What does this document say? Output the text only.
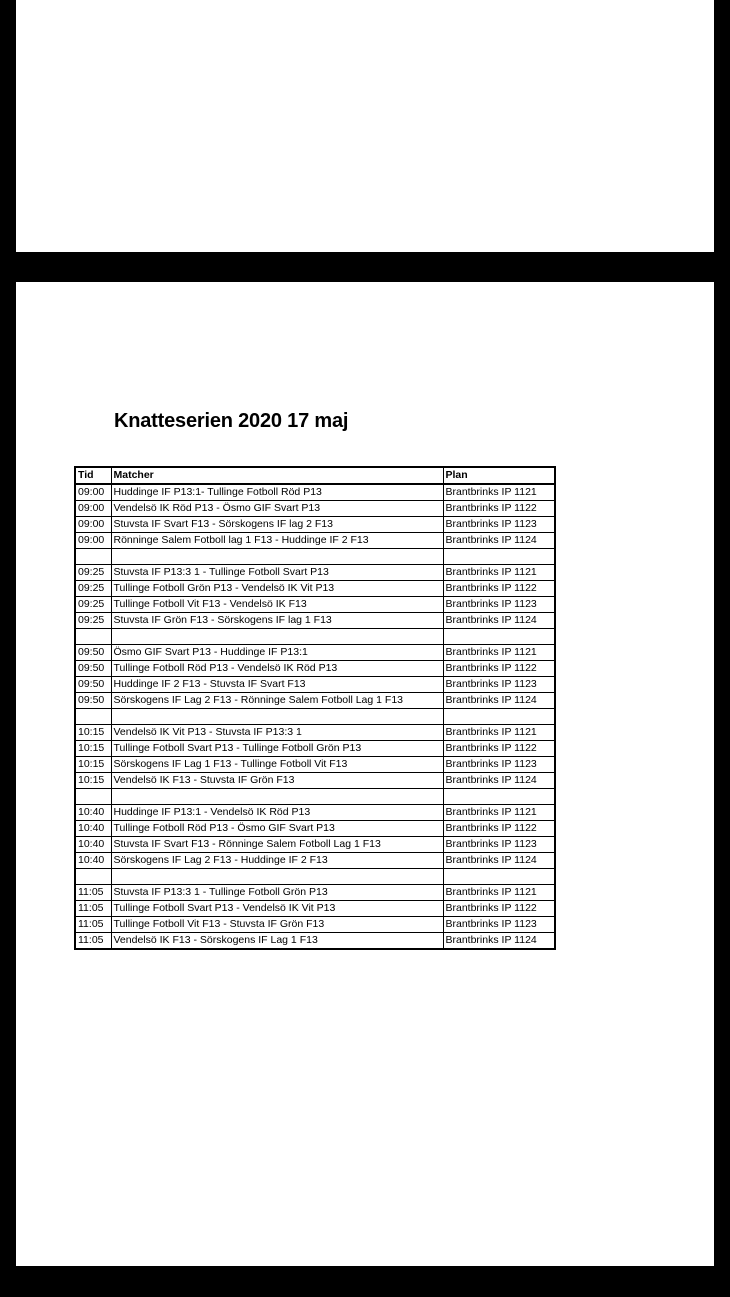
Knatteserien 2020 17 maj
Tid	Matcher	Plan
09:00	Huddinge IF P13:1- Tullinge Fotboll Röd P13	Brantbrinks IP 1121
09:00	Vendelsö IK Röd P13 - Ösmo GIF Svart P13	Brantbrinks IP 1122
09:00	Stuvsta IF Svart F13 - Sörskogens IF lag 2 F13	Brantbrinks IP 1123
09:00	Rönninge Salem Fotboll lag 1 F13 - Huddinge IF 2 F13	Brantbrinks IP 1124

09:25	Stuvsta IF P13:3 1 - Tullinge Fotboll Svart P13	Brantbrinks IP 1121
09:25	Tullinge Fotboll Grön P13 - Vendelsö IK Vit P13	Brantbrinks IP 1122
09:25	Tullinge Fotboll Vit F13 - Vendelsö IK F13	Brantbrinks IP 1123
09:25	Stuvsta IF Grön F13 - Sörskogens IF lag 1 F13	Brantbrinks IP 1124

09:50	Ösmo GIF Svart P13 - Huddinge IF P13:1	Brantbrinks IP 1121
09:50	Tullinge Fotboll Röd P13 - Vendelsö IK Röd P13	Brantbrinks IP 1122
09:50	Huddinge IF 2 F13 - Stuvsta IF Svart F13	Brantbrinks IP 1123
09:50	Sörskogens IF Lag 2 F13 - Rönninge Salem Fotboll Lag 1 F13	Brantbrinks IP 1124

10:15	Vendelsö IK Vit P13 - Stuvsta IF P13:3 1	Brantbrinks IP 1121
10:15	Tullinge Fotboll Svart P13 - Tullinge Fotboll Grön P13	Brantbrinks IP 1122
10:15	Sörskogens IF Lag 1 F13 - Tullinge Fotboll Vit F13	Brantbrinks IP 1123
10:15	Vendelsö IK F13 - Stuvsta IF Grön F13	Brantbrinks IP 1124

10:40	Huddinge IF P13:1 - Vendelsö IK Röd P13	Brantbrinks IP 1121
10:40	Tullinge Fotboll Röd P13 - Ösmo GIF Svart P13	Brantbrinks IP 1122
10:40	Stuvsta IF Svart F13 - Rönninge Salem Fotboll Lag 1 F13	Brantbrinks IP 1123
10:40	Sörskogens IF Lag 2 F13 - Huddinge IF 2 F13	Brantbrinks IP 1124

11:05	Stuvsta IF P13:3 1 - Tullinge Fotboll Grön P13	Brantbrinks IP 1121
11:05	Tullinge Fotboll Svart P13 - Vendelsö IK Vit P13	Brantbrinks IP 1122
11:05	Tullinge Fotboll Vit F13 - Stuvsta IF Grön F13	Brantbrinks IP 1123
11:05	Vendelsö IK F13 - Sörskogens IF Lag 1 F13	Brantbrinks IP 1124
